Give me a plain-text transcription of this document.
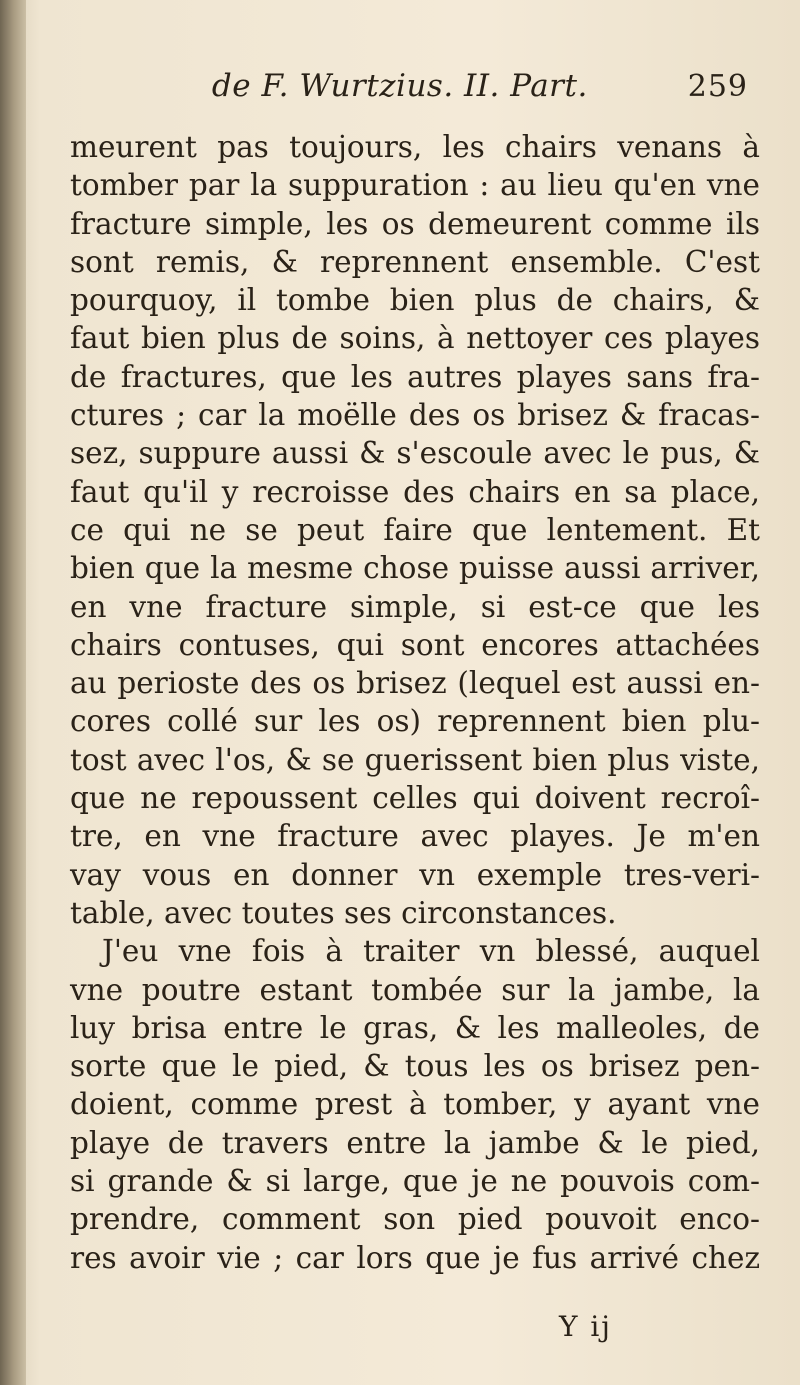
de F. Wurtzius. II. Part.	259
meurent pas toujours, les chairs venans à
tomber par la suppuration : au lieu qu'en vne
fracture simple, les os demeurent comme ils
sont remis, & reprennent ensemble. C'est
pourquoy, il tombe bien plus de chairs, &
faut bien plus de soins, à nettoyer ces playes
de fractures, que les autres playes sans fra-
ctures ; car la moëlle des os brisez & fracas-
sez, suppure aussi & s'escoule avec le pus, &
faut qu'il y recroisse des chairs en sa place,
ce qui ne se peut faire que lentement. Et
bien que la mesme chose puisse aussi arriver,
en vne fracture simple, si est-ce que les
chairs contuses, qui sont encores attachées
au perioste des os brisez (lequel est aussi en-
cores collé sur les os) reprennent bien plu-
tost avec l'os, & se guerissent bien plus viste,
que ne repoussent celles qui doivent recroî-
tre, en vne fracture avec playes. Je m'en
vay vous en donner vn exemple tres-veri-
table, avec toutes ses circonstances.
J'eu vne fois à traiter vn blessé, auquel
vne poutre estant tombée sur la jambe, la
luy brisa entre le gras, & les malleoles, de
sorte que le pied, & tous les os brisez pen-
doient, comme prest à tomber, y ayant vne
playe de travers entre la jambe & le pied,
si grande & si large, que je ne pouvois com-
prendre, comment son pied pouvoit enco-
res avoir vie ; car lors que je fus arrivé chez
Y ij
